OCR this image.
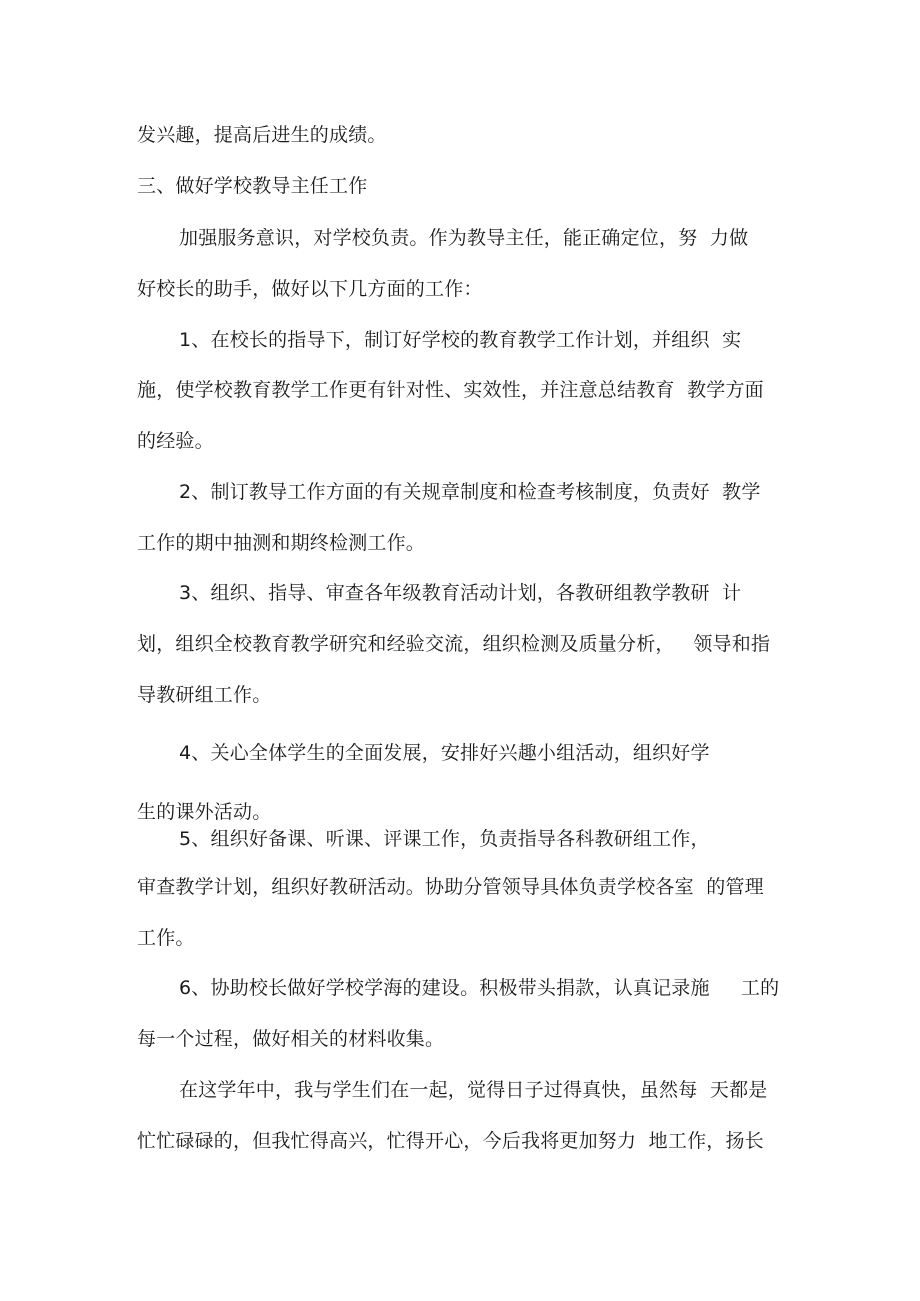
发兴趣，提高后进生的成绩。
三、做好学校教导主任工作
加强服务意识，对学校负责。作为教导主任，能正确定位，努  力做
好校长的助手，做好以下几方面的工作：
1、在校长的指导下，制订好学校的教育教学工作计划，并组织  实
施，使学校教育教学工作更有针对性、实效性，并注意总结教育  教学方面
的经验。
2、制订教导工作方面的有关规章制度和检查考核制度，负责好  教学
工作的期中抽测和期终检测工作。
3、组织、指导、审查各年级教育活动计划，各教研组教学教研  计
划，组织全校教育教学研究和经验交流，组织检测及质量分析，   领导和指
导教研组工作。
4、关心全体学生的全面发展，安排好兴趣小组活动，组织好学
生的课外活动。
5、组织好备课、听课、评课工作，负责指导各科教研组工作，
审查教学计划，组织好教研活动。协助分管领导具体负责学校各室  的管理
工作。
6、协助校长做好学校学海的建设。积极带头捐款，认真记录施     工的
每一个过程，做好相关的材料收集。
在这学年中，我与学生们在一起，觉得日子过得真快，虽然每  天都是
忙忙碌碌的，但我忙得高兴，忙得开心，今后我将更加努力  地工作，扬长
